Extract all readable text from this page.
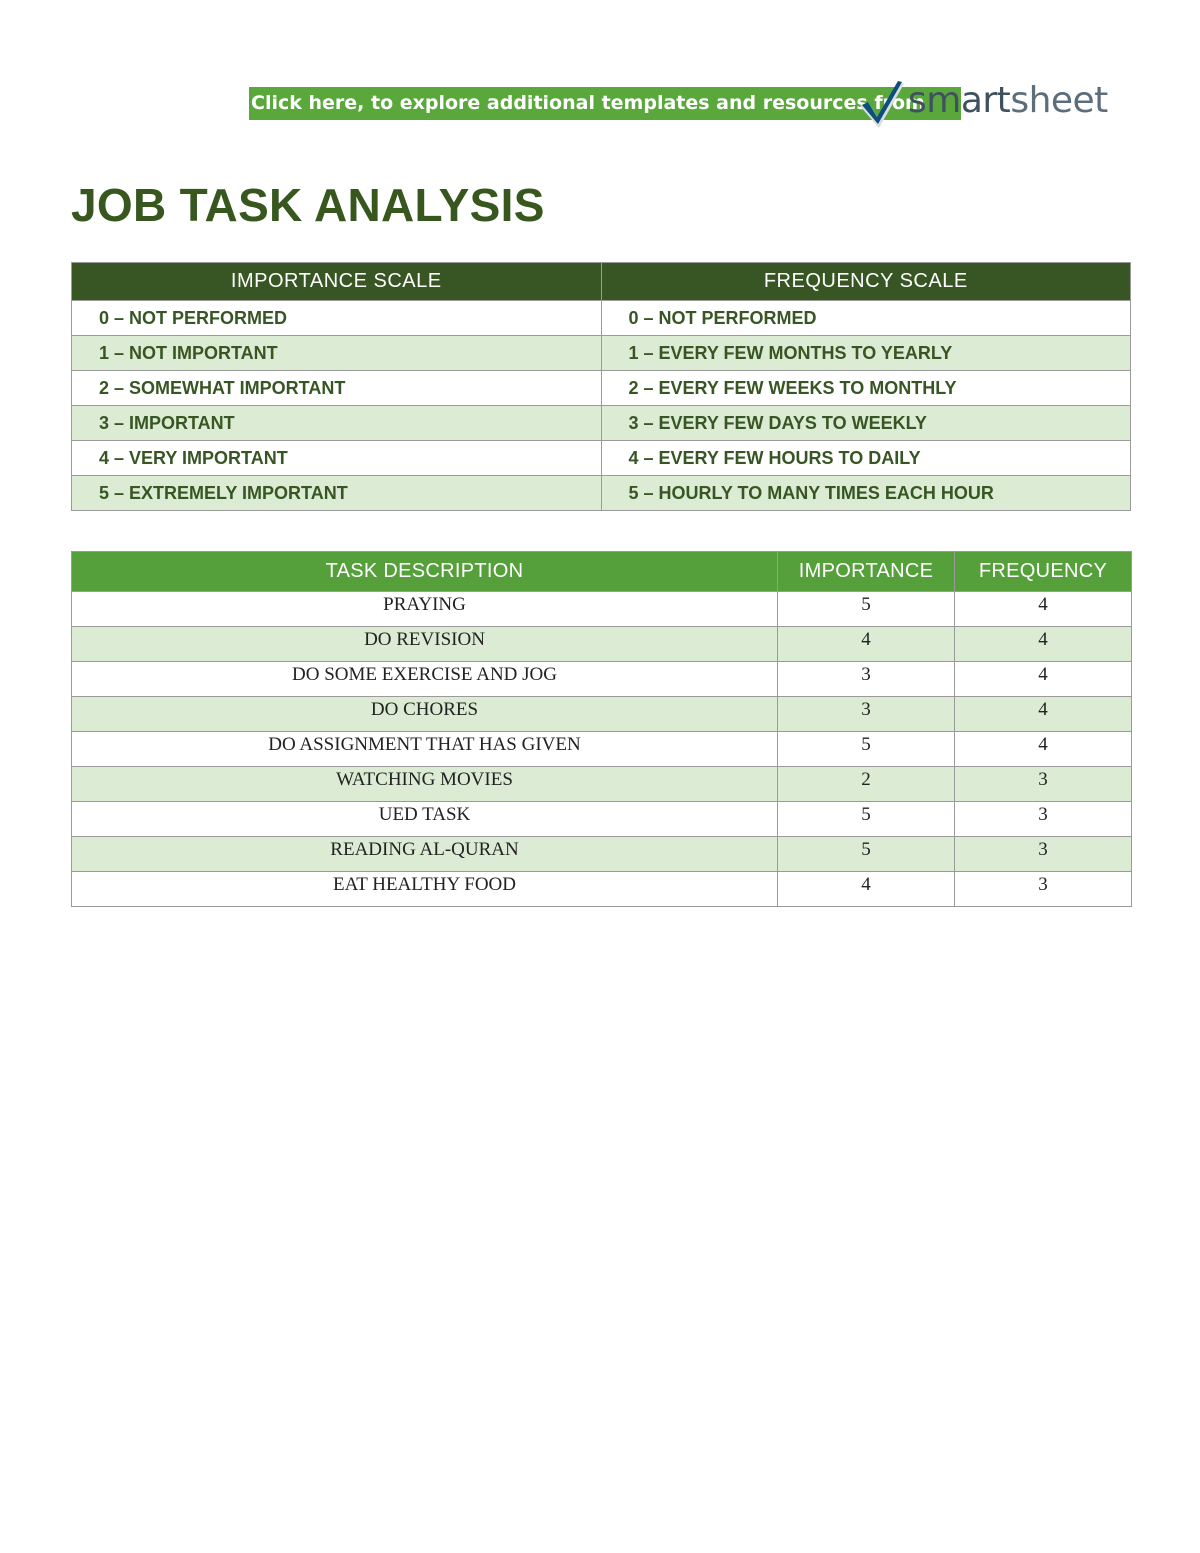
Click here, to explore additional templates and resources from
smartsheet
JOB TASK ANALYSIS
IMPORTANCE SCALE	FREQUENCY SCALE
0 – NOT PERFORMED	0 – NOT PERFORMED
1 – NOT IMPORTANT	1 – EVERY FEW MONTHS TO YEARLY
2 – SOMEWHAT IMPORTANT	2 – EVERY FEW WEEKS TO MONTHLY
3 – IMPORTANT	3 – EVERY FEW DAYS TO WEEKLY
4 – VERY IMPORTANT	4 – EVERY FEW HOURS TO DAILY
5 – EXTREMELY IMPORTANT	5 – HOURLY TO MANY TIMES EACH HOUR
TASK DESCRIPTION	IMPORTANCE	FREQUENCY
PRAYING	5	4
DO REVISION	4	4
DO SOME EXERCISE AND JOG	3	4
DO CHORES	3	4
DO ASSIGNMENT THAT HAS GIVEN	5	4
WATCHING MOVIES	2	3
UED TASK	5	3
READING AL-QURAN	5	3
EAT HEALTHY FOOD	4	3
